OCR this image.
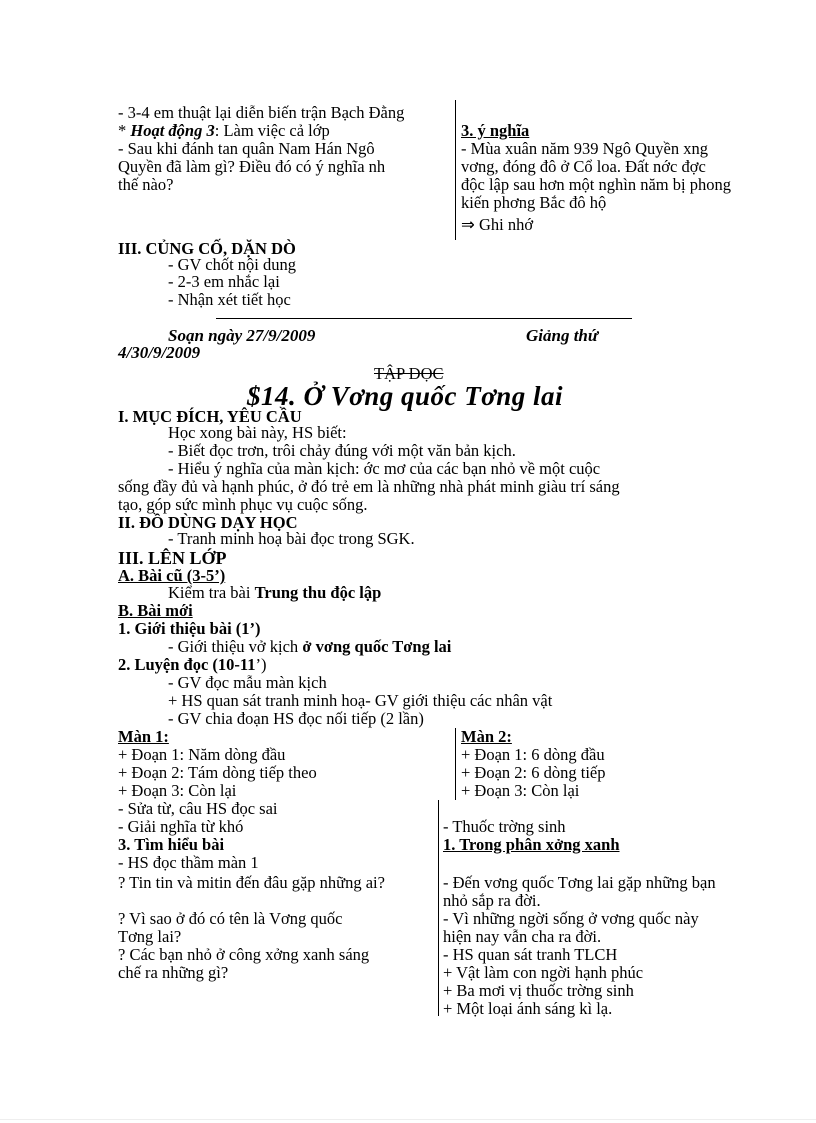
- 3-4 em thuật lại diễn biến trận Bạch Đằng
* Hoạt động 3: Làm việc cả lớp
- Sau khi đánh tan quân Nam Hán Ngô
Quyền đã làm gì? Điều đó có ý nghĩa nh
thế nào?
3. ý nghĩa
- Mùa xuân năm 939 Ngô Quyền xng
vơng, đóng đô ở Cổ loa. Đất nớc đợc
độc lập sau hơn một nghìn năm bị phong
kiến phơng Bắc đô hộ
⇒ Ghi nhớ
III. CỦNG CỐ, DẶN DÒ
- GV chốt nội dung
- 2-3 em nhắc lại
- Nhận xét tiết học
Soạn ngày 27/9/2009	Giảng thứ
4/30/9/2009
TẬP ĐỌC
$14. Ở Vơng quốc Tơng lai
I. MỤC ĐÍCH, YÊU CẦU
Học xong bài này, HS biết:
- Biết đọc trơn, trôi chảy đúng với một văn bản kịch.
- Hiểu ý nghĩa của màn kịch: ớc mơ của các bạn nhỏ về một cuộc
sống đầy đủ và hạnh phúc, ở đó trẻ em là những nhà phát minh giàu trí sáng
tạo, góp sức mình phục vụ cuộc sống.
II. ĐỒ DÙNG DẠY HỌC
- Tranh minh hoạ bài đọc trong SGK.
III. LÊN LỚP
A. Bài cũ (3-5’)
Kiểm tra bài Trung thu độc lập
B. Bài mới
1. Giới thiệu bài (1’)
- Giới thiệu vở kịch ở vơng quốc Tơng lai
2. Luyện đọc (10-11’)
- GV đọc mẫu màn kịch
+ HS quan sát tranh minh hoạ- GV giới thiệu các nhân vật
- GV chia đoạn HS đọc nối tiếp (2 lần)
Màn 1:
+ Đoạn 1: Năm dòng đầu
+ Đoạn 2: Tám dòng tiếp theo
+ Đoạn 3: Còn lại
Màn 2:
+ Đoạn 1: 6 dòng đầu
+ Đoạn 2: 6 dòng tiếp
+ Đoạn 3: Còn lại
- Sửa từ, câu HS đọc sai
- Giải nghĩa từ khó
3. Tìm hiểu bài
- HS đọc thầm màn 1
? Tin tin và mitin đến đâu gặp những ai?
? Vì sao ở đó có tên là Vơng quốc
Tơng lai?
? Các bạn nhỏ ở công xởng xanh sáng
chế ra những gì?
- Thuốc trờng sinh
1. Trong phân xởng xanh
- Đến vơng quốc Tơng lai gặp những bạn
nhỏ sắp ra đời.
- Vì những ngời sống ở vơng quốc này
hiện nay vẫn cha ra đời.
- HS quan sát tranh TLCH
+ Vật làm con ngời hạnh phúc
+ Ba mơi vị thuốc trờng sinh
+ Một loại ánh sáng kì lạ.
